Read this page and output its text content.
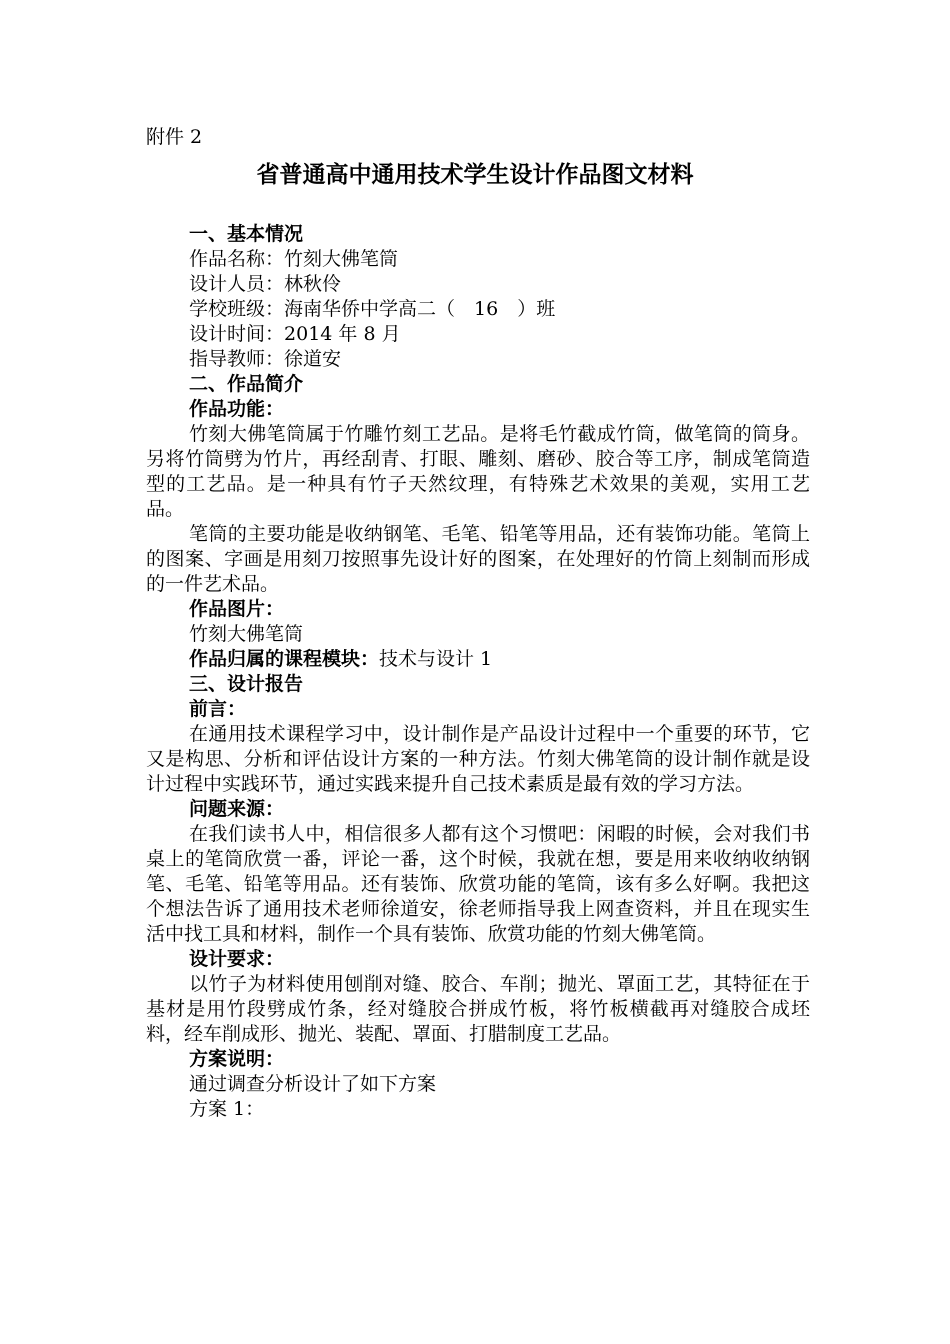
附件 2
省普通高中通用技术学生设计作品图文材料
一、基本情况
作品名称：竹刻大佛笔筒
设计人员：林秋伶
学校班级：海南华侨中学高二（　16　）班
设计时间：2014 年 8 月
指导教师：徐道安
二、作品简介
作品功能：
竹刻大佛笔筒属于竹雕竹刻工艺品。是将毛竹截成竹筒，做笔筒的筒身。另将竹筒劈为竹片，再经刮青、打眼、雕刻、磨砂、胶合等工序，制成笔筒造型的工艺品。是一种具有竹子天然纹理，有特殊艺术效果的美观，实用工艺品。
笔筒的主要功能是收纳钢笔、毛笔、铅笔等用品，还有装饰功能。笔筒上的图案、字画是用刻刀按照事先设计好的图案，在处理好的竹筒上刻制而形成的一件艺术品。
作品图片：
竹刻大佛笔筒
作品归属的课程模块：技术与设计 1
三、设计报告
前言：
在通用技术课程学习中，设计制作是产品设计过程中一个重要的环节，它又是构思、分析和评估设计方案的一种方法。竹刻大佛笔筒的设计制作就是设计过程中实践环节，通过实践来提升自己技术素质是最有效的学习方法。
问题来源：
在我们读书人中，相信很多人都有这个习惯吧：闲暇的时候，会对我们书桌上的笔筒欣赏一番，评论一番，这个时候，我就在想，要是用来收纳收纳钢笔、毛笔、铅笔等用品。还有装饰、欣赏功能的笔筒，该有多么好啊。我把这个想法告诉了通用技术老师徐道安，徐老师指导我上网查资料，并且在现实生活中找工具和材料，制作一个具有装饰、欣赏功能的竹刻大佛笔筒。
设计要求：
以竹子为材料使用刨削对缝、胶合、车削；抛光、罩面工艺，其特征在于基材是用竹段劈成竹条，经对缝胶合拼成竹板，将竹板横截再对缝胶合成坯料，经车削成形、抛光、装配、罩面、打腊制度工艺品。
方案说明：
通过调查分析设计了如下方案
方案 1：
